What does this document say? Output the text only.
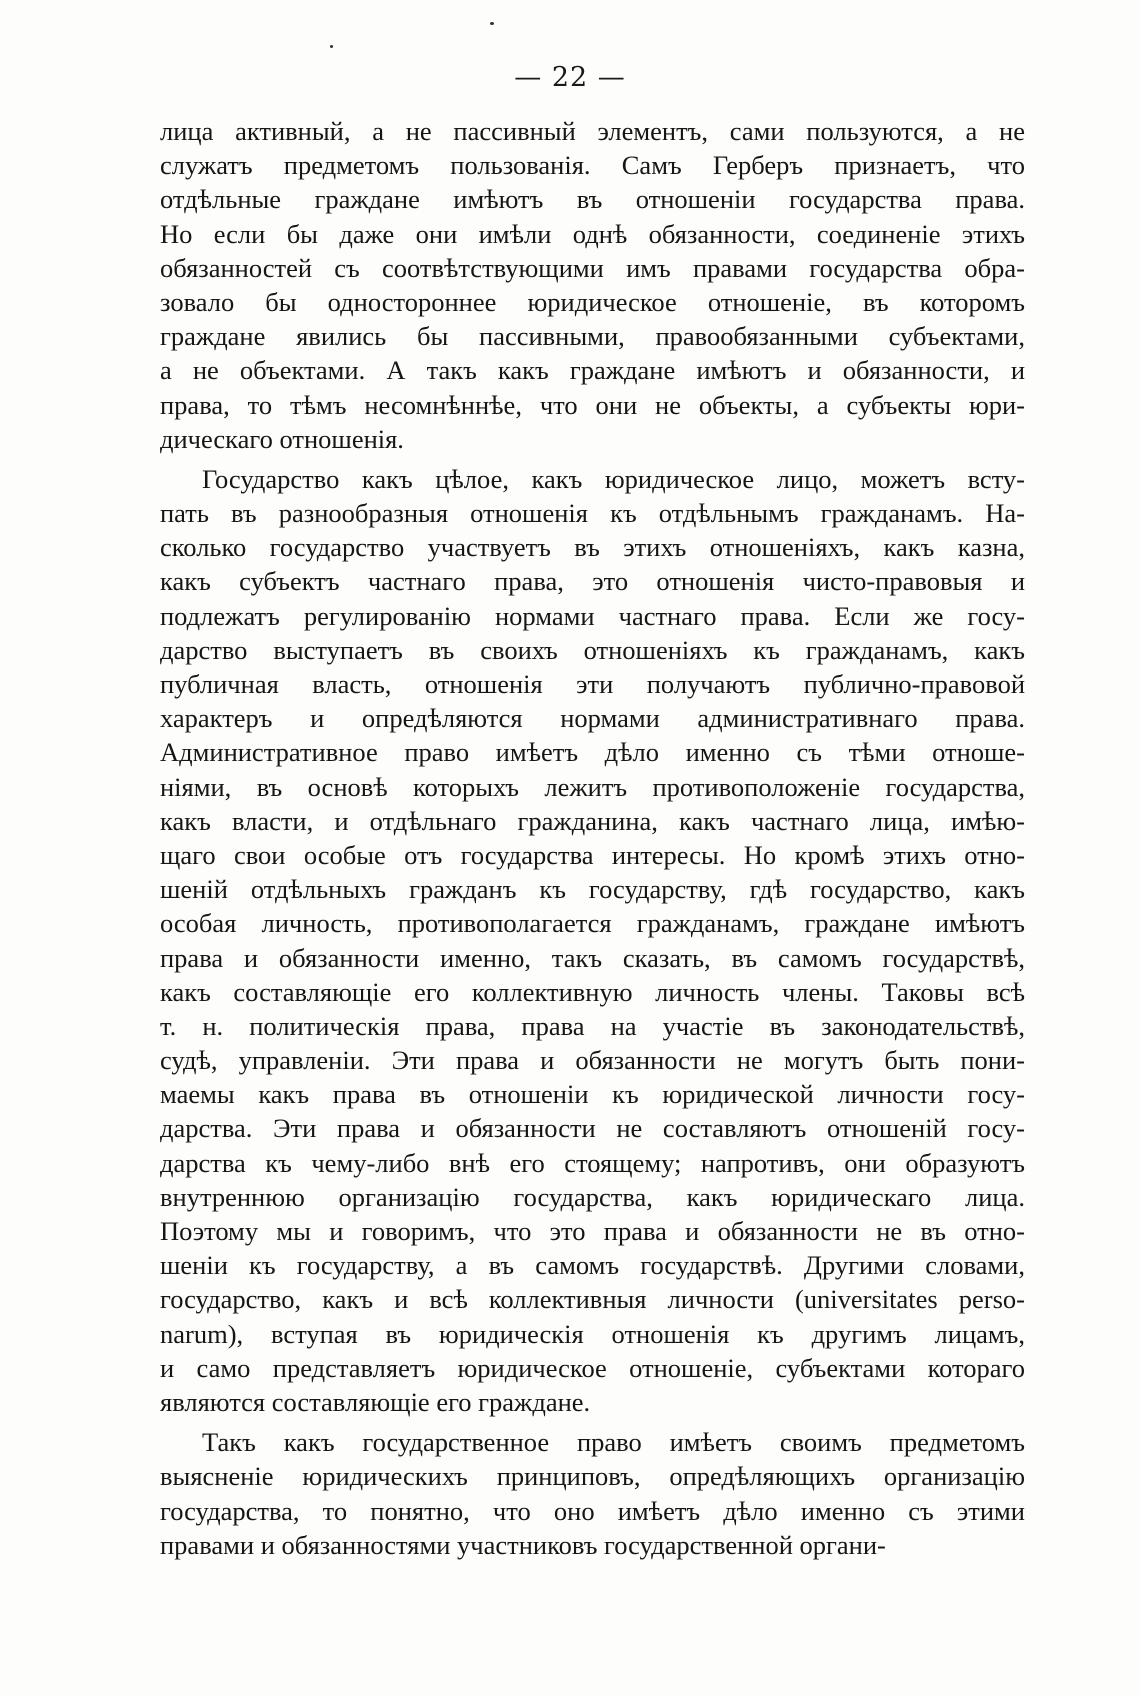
— 22 —
лица активный, а не пассивный элементъ, сами пользуются, а не
служатъ предметомъ пользованія. Самъ Герберъ признаетъ, что
отдѣльные граждане имѣютъ въ отношеніи государства права.
Но если бы даже они имѣли однѣ обязанности, соединеніе этихъ
обязанностей съ соотвѣтствующими имъ правами государства обра-
зовало бы одностороннее юридическое отношеніе, въ которомъ
граждане явились бы пассивными, правообязанными субъектами,
а не объектами. А такъ какъ граждане имѣютъ и обязанности, и
права, то тѣмъ несомнѣннѣе, что они не объекты, а субъекты юри-
дическаго отношенія.
Государство какъ цѣлое, какъ юридическое лицо, можетъ всту-
пать въ разнообразныя отношенія къ отдѣльнымъ гражданамъ. На-
сколько государство участвуетъ въ этихъ отношеніяхъ, какъ казна,
какъ субъектъ частнаго права, это отношенія чисто-правовыя и
подлежатъ регулированію нормами частнаго права. Если же госу-
дарство выступаетъ въ своихъ отношеніяхъ къ гражданамъ, какъ
публичная власть, отношенія эти получаютъ публично-правовой
характеръ и опредѣляются нормами административнаго права.
Административное право имѣетъ дѣло именно съ тѣми отноше-
ніями, въ основѣ которыхъ лежитъ противоположеніе государства,
какъ власти, и отдѣльнаго гражданина, какъ частнаго лица, имѣю-
щаго свои особые отъ государства интересы. Но кромѣ этихъ отно-
шеній отдѣльныхъ гражданъ къ государству, гдѣ государство, какъ
особая личность, противополагается гражданамъ, граждане имѣютъ
права и обязанности именно, такъ сказать, въ самомъ государствѣ,
какъ составляющіе его коллективную личность члены. Таковы всѣ
т. н. политическія права, права на участіе въ законодательствѣ,
судѣ, управленіи. Эти права и обязанности не могутъ быть пони-
маемы какъ права въ отношеніи къ юридической личности госу-
дарства. Эти права и обязанности не составляютъ отношеній госу-
дарства къ чему-либо внѣ его стоящему; напротивъ, они образуютъ
внутреннюю организацію государства, какъ юридическаго лица.
Поэтому мы и говоримъ, что это права и обязанности не въ отно-
шеніи къ государству, а въ самомъ государствѣ. Другими словами,
государство, какъ и всѣ коллективныя личности (universitates perso-
narum), вступая въ юридическія отношенія къ другимъ лицамъ,
и само представляетъ юридическое отношеніе, субъектами котораго
являются составляющіе его граждане.
Такъ какъ государственное право имѣетъ своимъ предметомъ
выясненіе юридическихъ принциповъ, опредѣляющихъ организацію
государства, то понятно, что оно имѣетъ дѣло именно съ этими
правами и обязанностями участниковъ государственной органи-
